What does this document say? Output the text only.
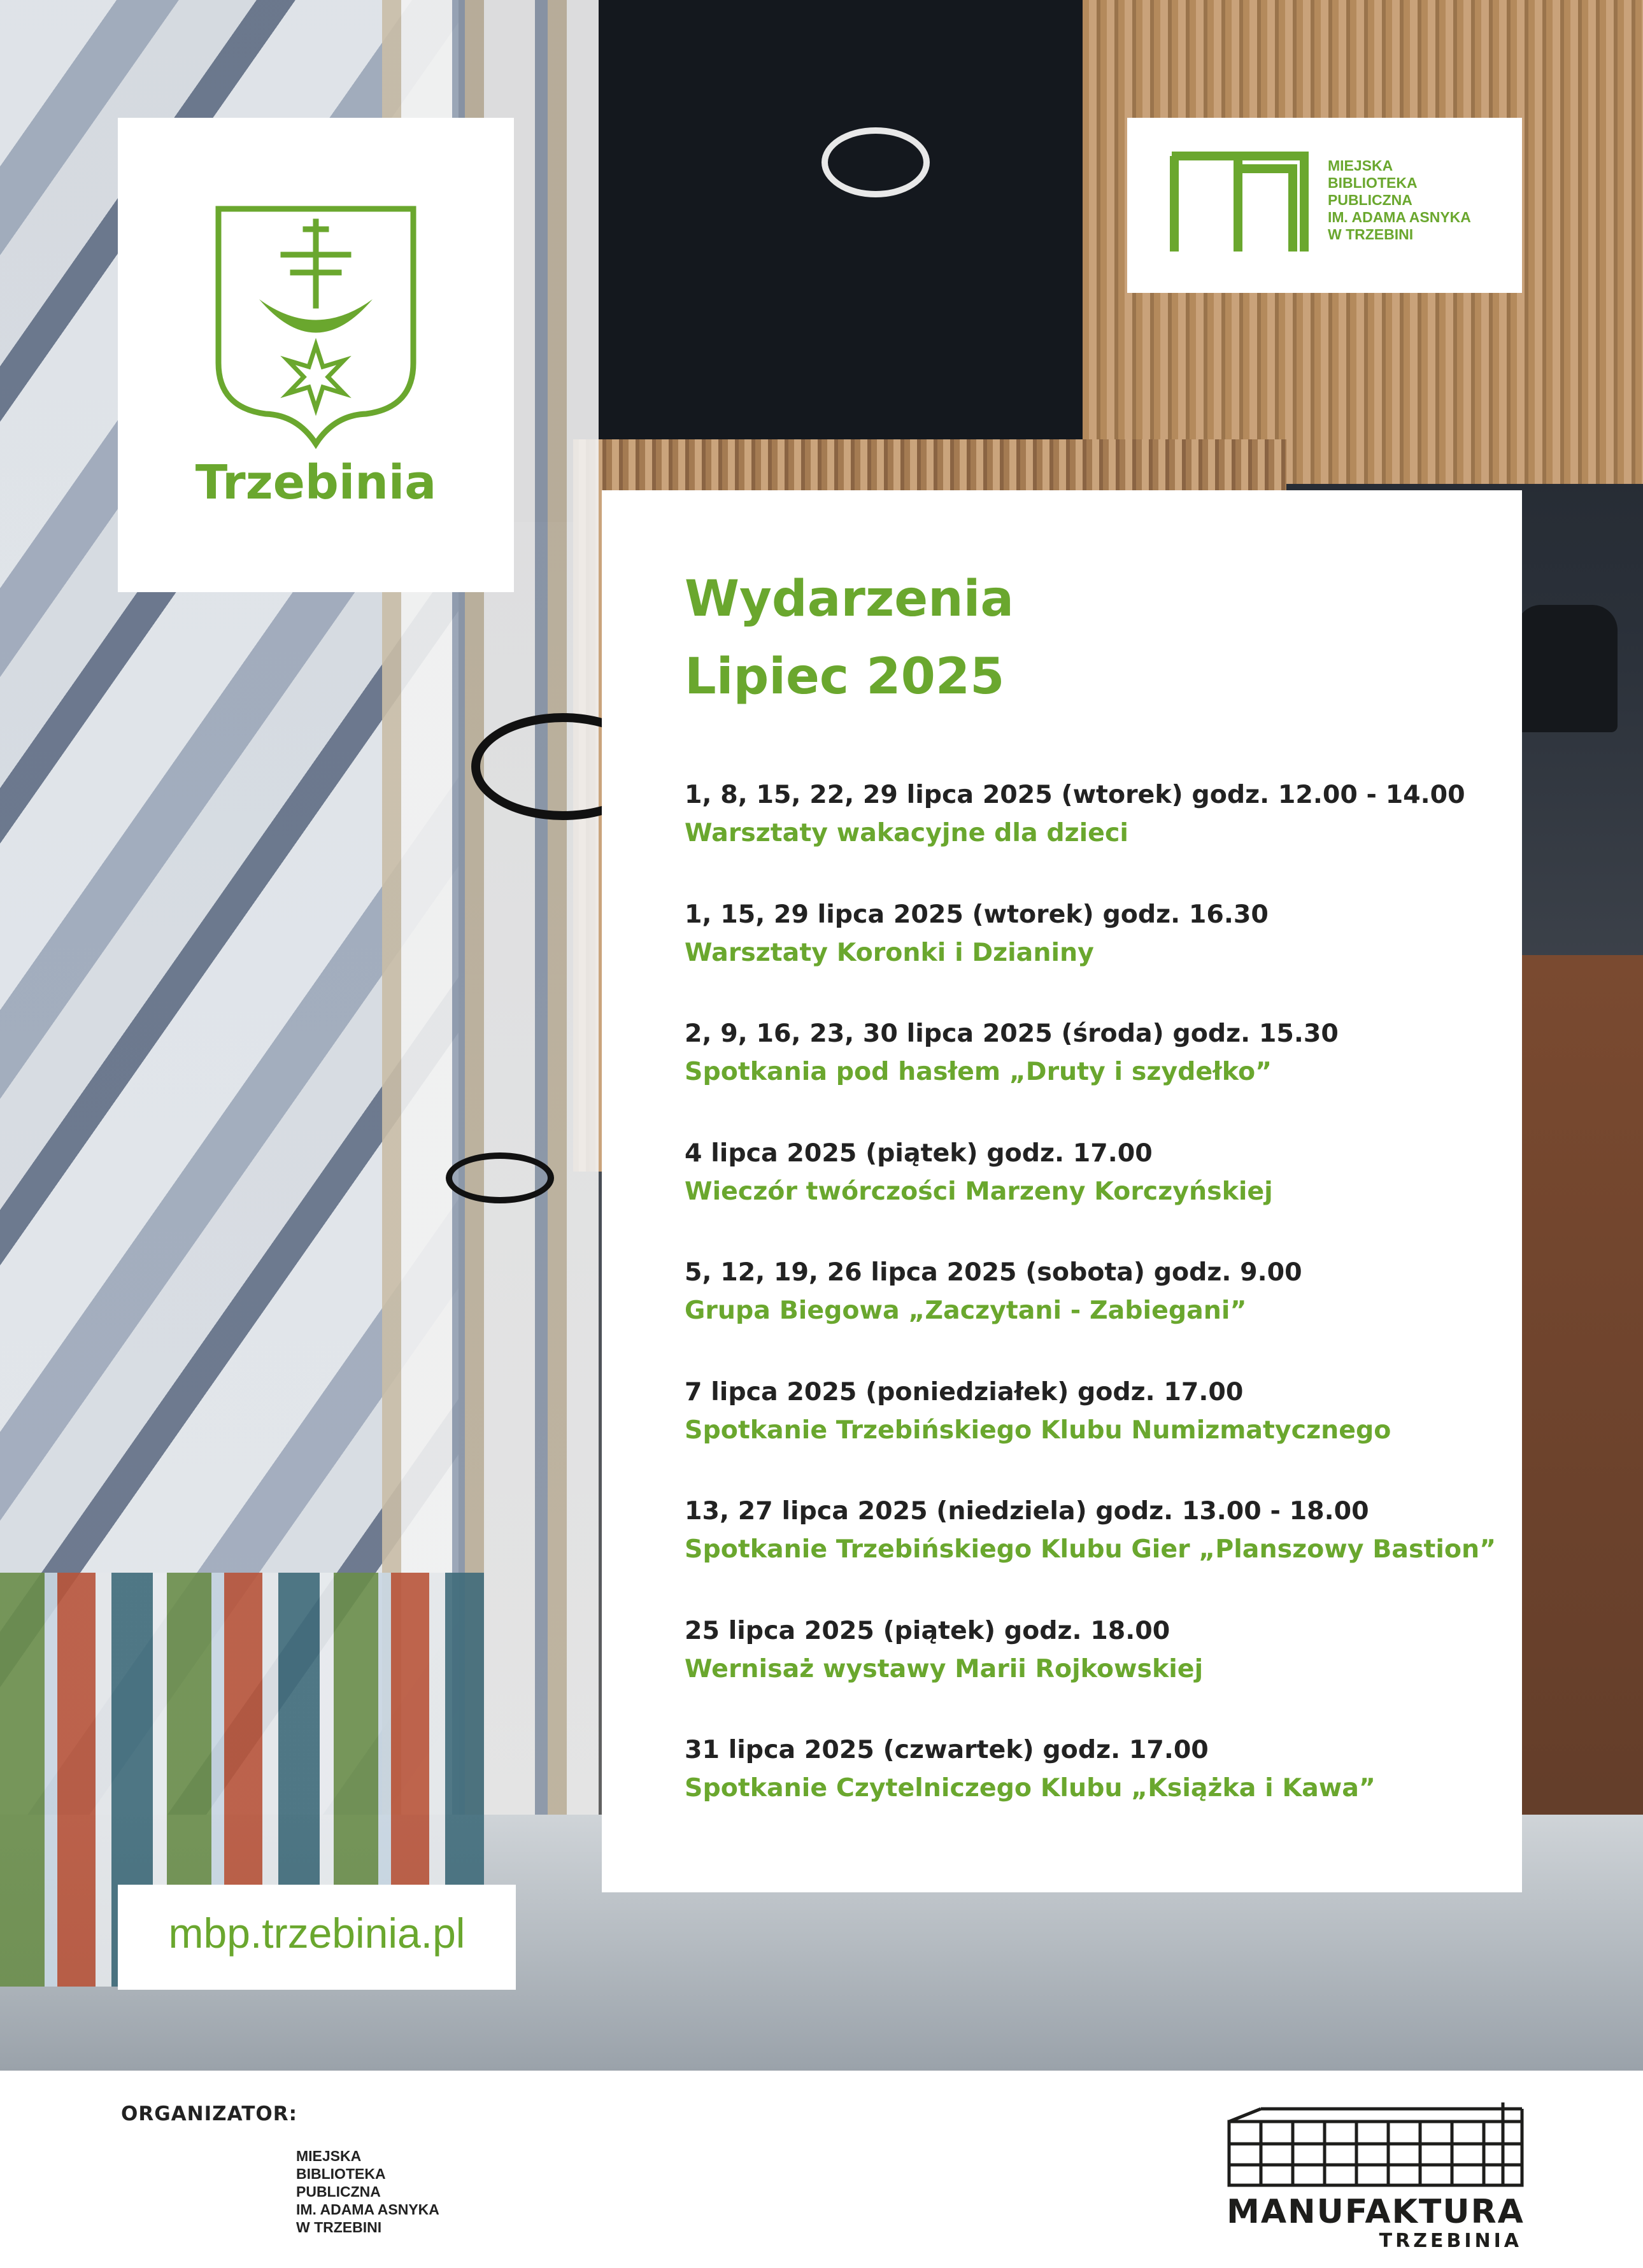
Trzebinia
MIEJSKA
BIBLIOTEKA
PUBLICZNA
IM. ADAMA ASNYKA
W TRZEBINI
Wydarzenia
Lipiec 2025
1, 8, 15, 22, 29 lipca 2025 (wtorek) godz. 12.00 - 14.00
Warsztaty wakacyjne dla dzieci
1, 15, 29 lipca 2025 (wtorek) godz. 16.30
Warsztaty Koronki i Dzianiny
2, 9, 16, 23, 30 lipca 2025 (środa) godz. 15.30
Spotkania pod hasłem „Druty i szydełko”
4 lipca 2025 (piątek) godz. 17.00
Wieczór twórczości Marzeny Korczyńskiej
5, 12, 19, 26 lipca 2025 (sobota) godz. 9.00
Grupa Biegowa „Zaczytani - Zabiegani”
7 lipca 2025 (poniedziałek) godz. 17.00
Spotkanie Trzebińskiego Klubu Numizmatycznego
13, 27 lipca 2025 (niedziela) godz. 13.00 - 18.00
Spotkanie Trzebińskiego Klubu Gier „Planszowy Bastion”
25 lipca 2025 (piątek) godz. 18.00
Wernisaż wystawy Marii Rojkowskiej
31 lipca 2025 (czwartek) godz. 17.00
Spotkanie Czytelniczego Klubu „Książka i Kawa”
mbp.trzebinia.pl
ORGANIZATOR:
MIEJSKA
BIBLIOTEKA
PUBLICZNA
IM. ADAMA ASNYKA
W TRZEBINI	MANUFAKTURA
TRZEBINIA
